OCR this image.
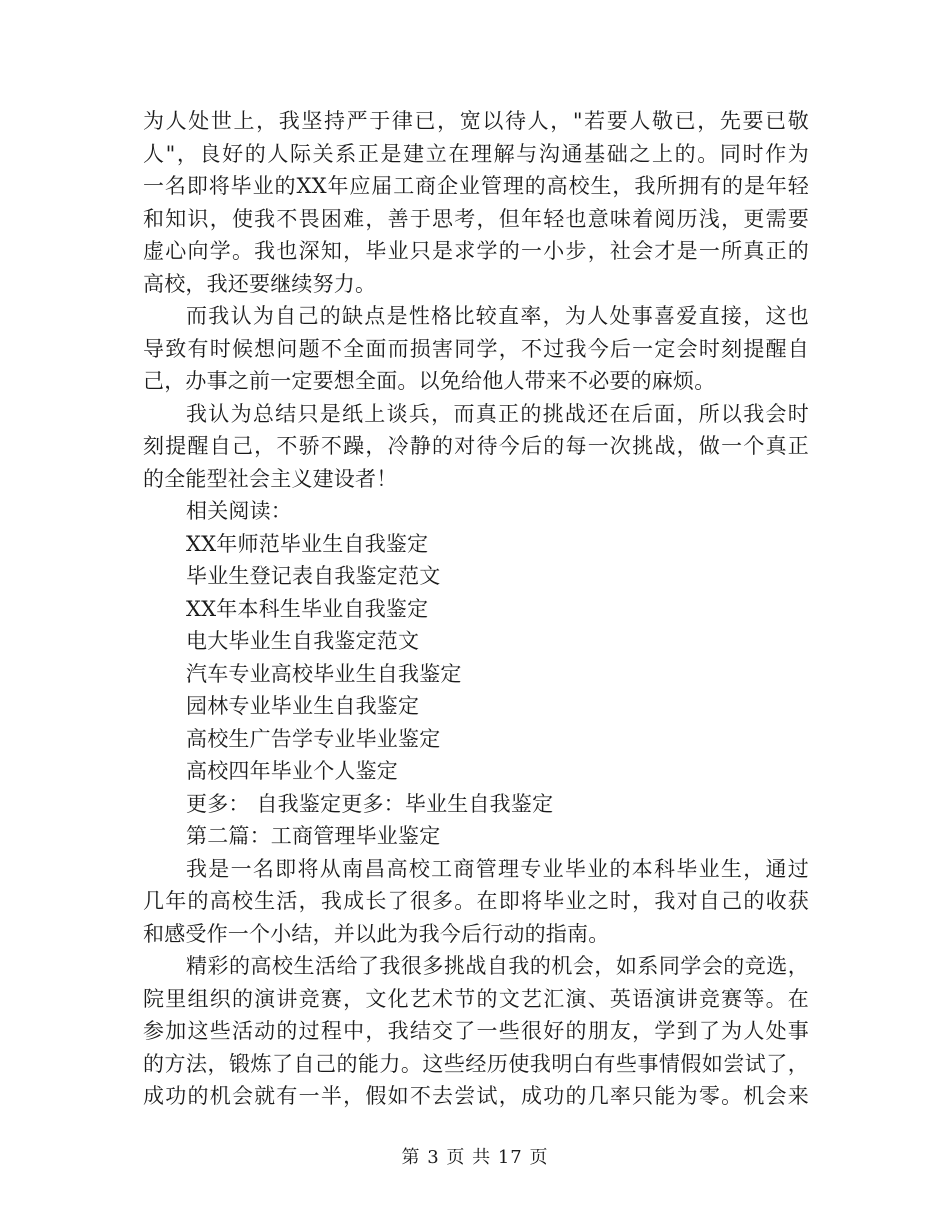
为人处世上，我坚持严于律已，宽以待人，"若要人敬已，先要已敬
人"，良好的人际关系正是建立在理解与沟通基础之上的。同时作为
一名即将毕业的XX年应届工商企业管理的高校生，我所拥有的是年轻
和知识，使我不畏困难，善于思考，但年轻也意味着阅历浅，更需要
虚心向学。我也深知，毕业只是求学的一小步，社会才是一所真正的
高校，我还要继续努力。
而我认为自己的缺点是性格比较直率，为人处事喜爱直接，这也
导致有时候想问题不全面而损害同学，不过我今后一定会时刻提醒自
己，办事之前一定要想全面。以免给他人带来不必要的麻烦。
我认为总结只是纸上谈兵，而真正的挑战还在后面，所以我会时
刻提醒自己，不骄不躁，冷静的对待今后的每一次挑战，做一个真正
的全能型社会主义建设者！
相关阅读：
XX年师范毕业生自我鉴定
毕业生登记表自我鉴定范文
XX年本科生毕业自我鉴定
电大毕业生自我鉴定范文
汽车专业高校毕业生自我鉴定
园林专业毕业生自我鉴定
高校生广告学专业毕业鉴定
高校四年毕业个人鉴定
更多： 自我鉴定更多：毕业生自我鉴定
第二篇：工商管理毕业鉴定
我是一名即将从南昌高校工商管理专业毕业的本科毕业生，通过
几年的高校生活，我成长了很多。在即将毕业之时，我对自己的收获
和感受作一个小结，并以此为我今后行动的指南。
精彩的高校生活给了我很多挑战自我的机会，如系同学会的竞选，
院里组织的演讲竞赛，文化艺术节的文艺汇演、英语演讲竞赛等。在
参加这些活动的过程中，我结交了一些很好的朋友，学到了为人处事
的方法，锻炼了自己的能力。这些经历使我明白有些事情假如尝试了，
成功的机会就有一半，假如不去尝试，成功的几率只能为零。机会来
第 3 页 共 17 页
